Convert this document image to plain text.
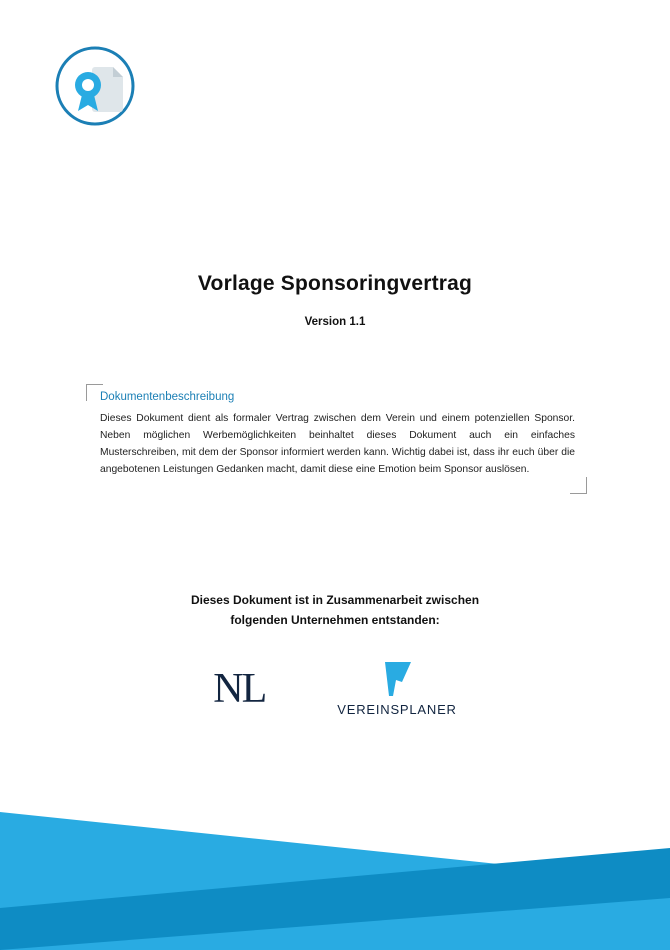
Vorlage Sponsoringvertrag
Version 1.1
Dokumentenbeschreibung
Dieses Dokument dient als formaler Vertrag zwischen dem Verein und einem potenziellen Sponsor. Neben möglichen Werbemöglichkeiten beinhaltet dieses Dokument auch ein einfaches Musterschreiben, mit dem der Sponsor informiert werden kann. Wichtig dabei ist, dass ihr euch über die angebotenen Leistungen Gedanken macht, damit diese eine Emotion beim Sponsor auslösen.
Dieses Dokument ist in Zusammenarbeit zwischen
folgenden Unternehmen entstanden:
NL	VEREINSPLANER
